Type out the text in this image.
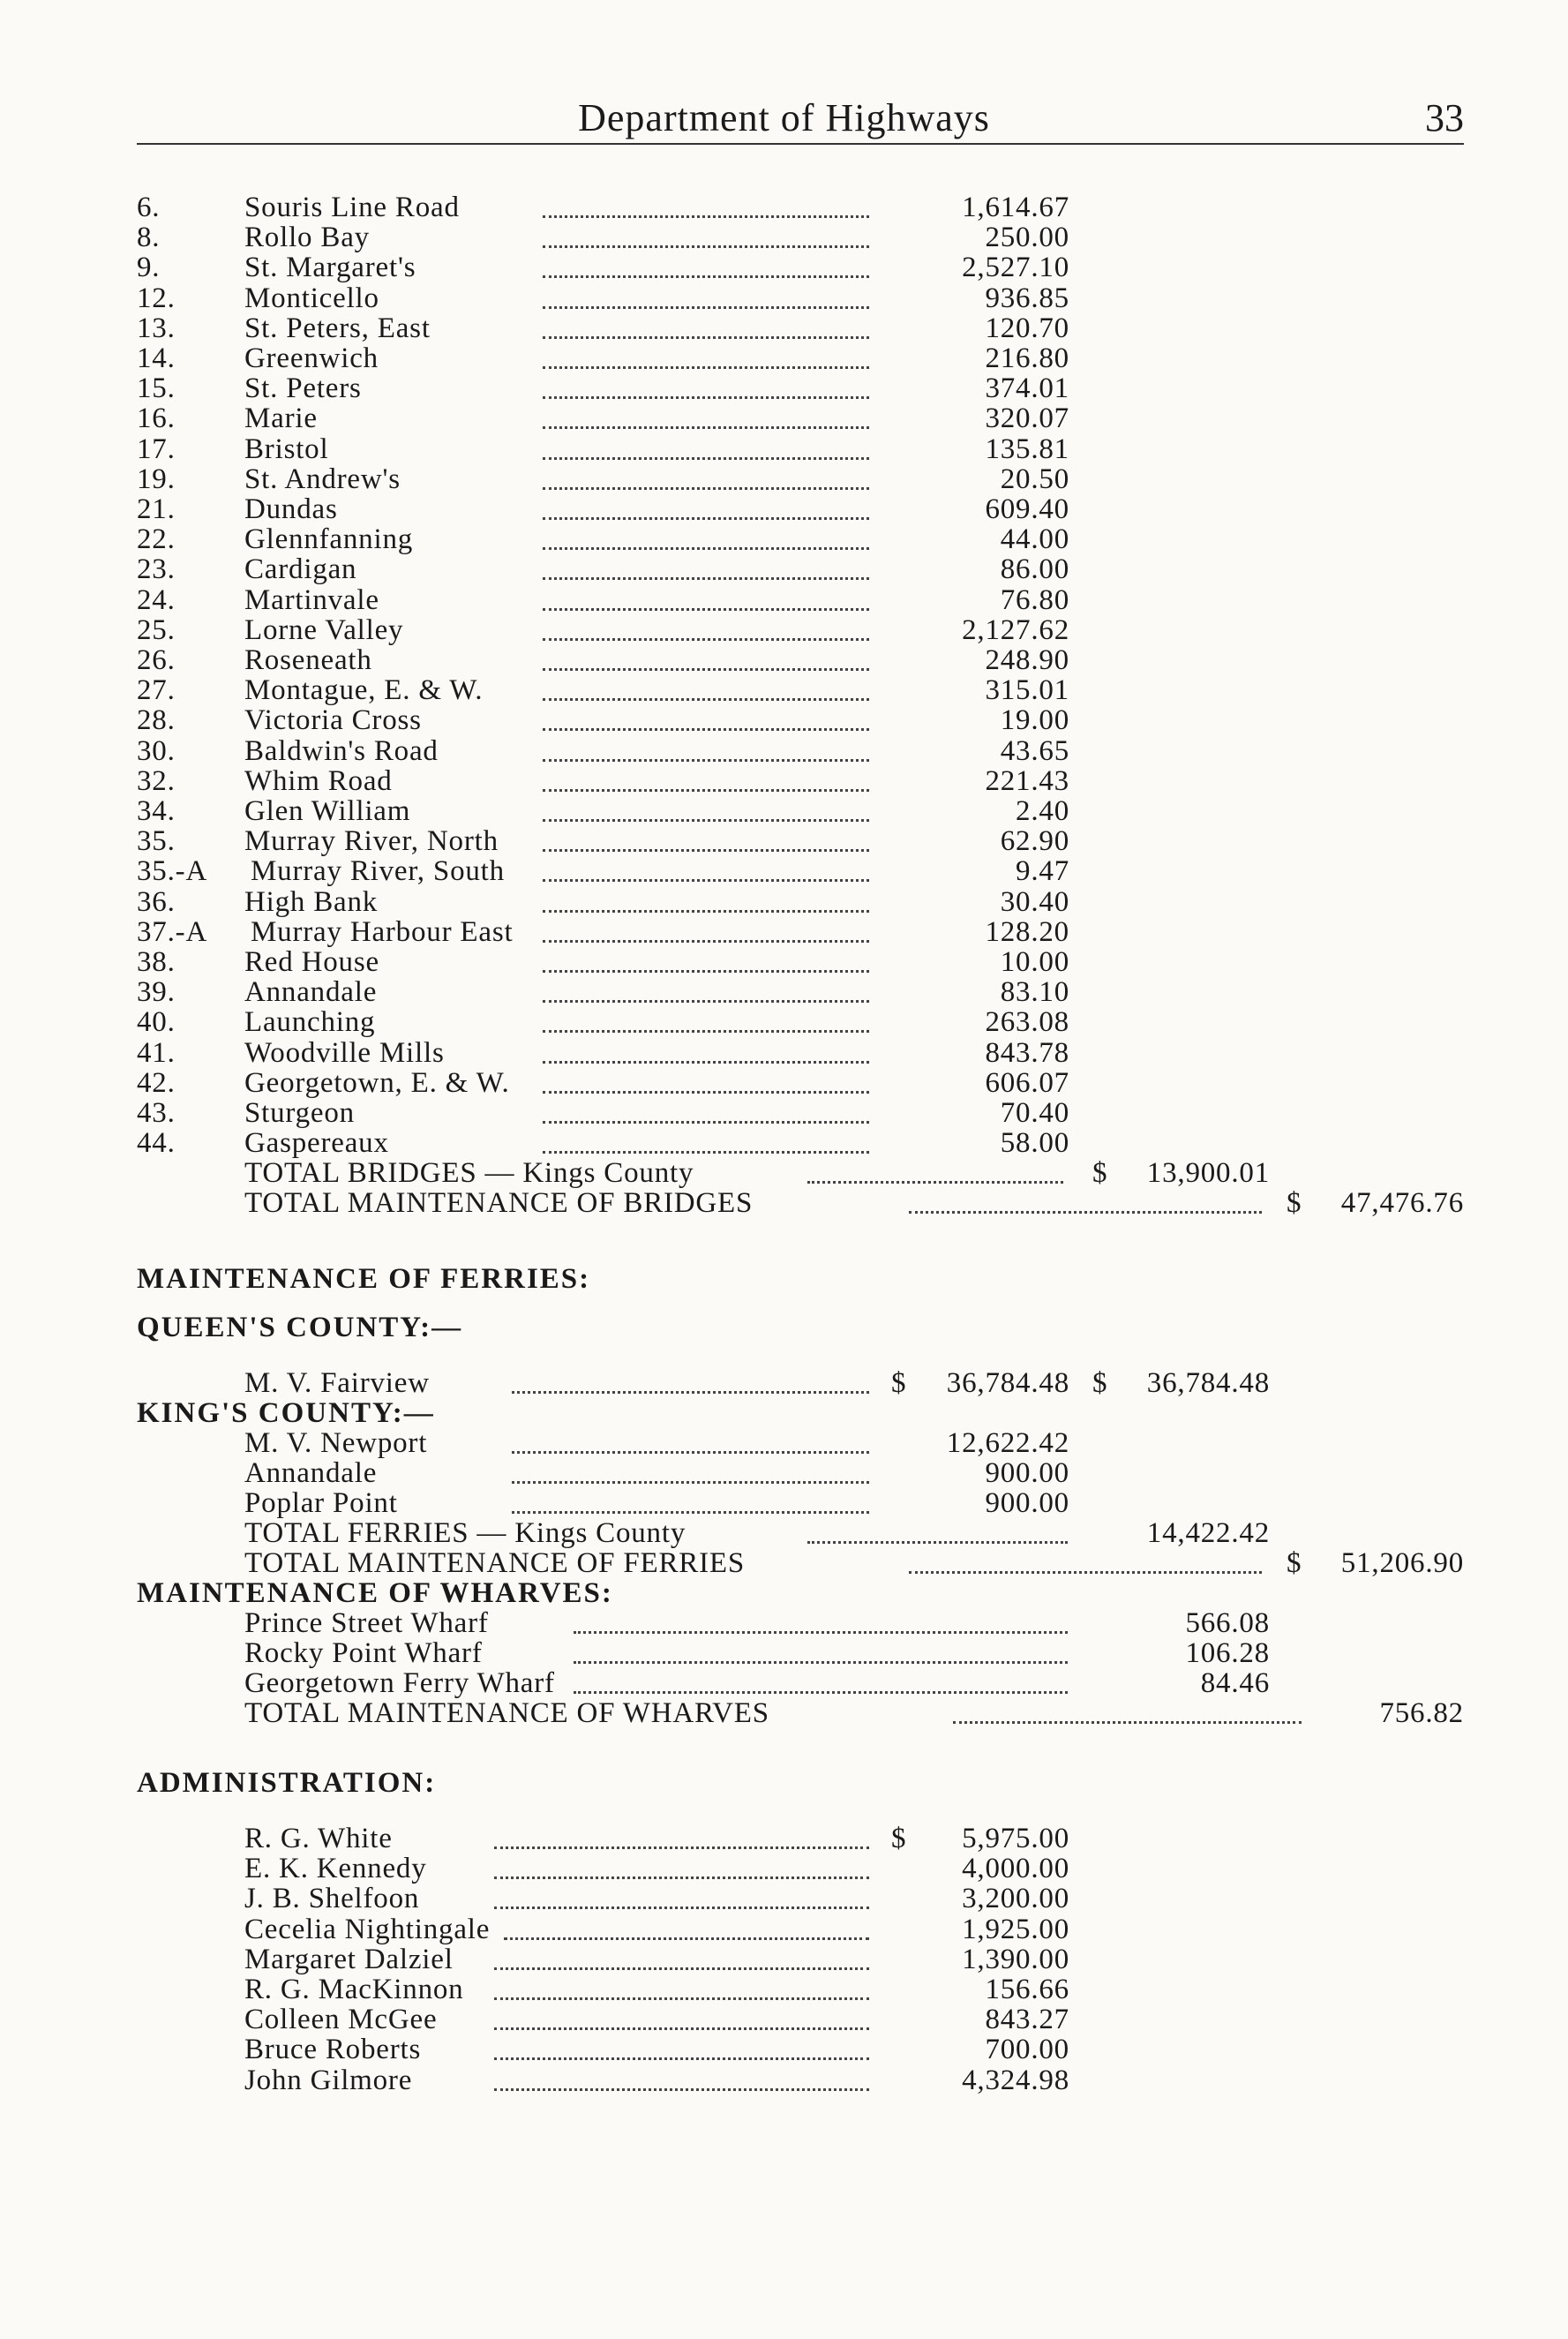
Department of Highways	33
6.	Souris Line Road	1,614.67
8.	Rollo Bay	250.00
9.	St. Margaret's	2,527.10
12. Monticello	936.85
13. St. Peters, East	120.70
14. Greenwich	216.80
15. St. Peters	374.01
16. Marie	320.07
17. Bristol	135.81
19. St. Andrew's	20.50
21. Dundas	609.40
22. Glennfanning	44.00
23. Cardigan	86.00
24. Martinvale	76.80
25. Lorne Valley	2,127.62
26. Roseneath	248.90
27. Montague, E. & W.	315.01
28. Victoria Cross	19.00
30. Baldwin's Road	43.65
32. Whim Road	221.43
34. Glen William	2.40
35. Murray River, North	62.90
35.-A Murray River, South	9.47
36. High Bank	30.40
37.-A Murray Harbour East	128.20
38. Red House	10.00
39. Annandale	83.10
40. Launching	263.08
41. Woodville Mills	843.78
42. Georgetown, E. & W.	606.07
43. Sturgeon	70.40
44. Gaspereaux	58.00
TOTAL BRIDGES — Kings County	$ 13,900.01
TOTAL MAINTENANCE OF BRIDGES	$ 47,476.76
MAINTENANCE OF FERRIES:
QUEEN'S COUNTY:—
M. V. Fairview	$ 36,784.48 $ 36,784.48
KING'S COUNTY:—
M. V. Newport	12,622.42
Annandale	900.00
Poplar Point	900.00
TOTAL FERRIES — Kings County	14,422.42
TOTAL MAINTENANCE OF FERRIES	$ 51,206.90
MAINTENANCE OF WHARVES:
Prince Street Wharf	566.08
Rocky Point Wharf	106.28
Georgetown Ferry Wharf	84.46
TOTAL MAINTENANCE OF WHARVES	756.82
ADMINISTRATION:
R. G. White	$ 5,975.00
E. K. Kennedy	4,000.00
J. B. Shelfoon	3,200.00
Cecelia Nightingale	1,925.00
Margaret Dalziel	1,390.00
R. G. MacKinnon	156.66
Colleen McGee	843.27
Bruce Roberts	700.00
John Gilmore	4,324.98
